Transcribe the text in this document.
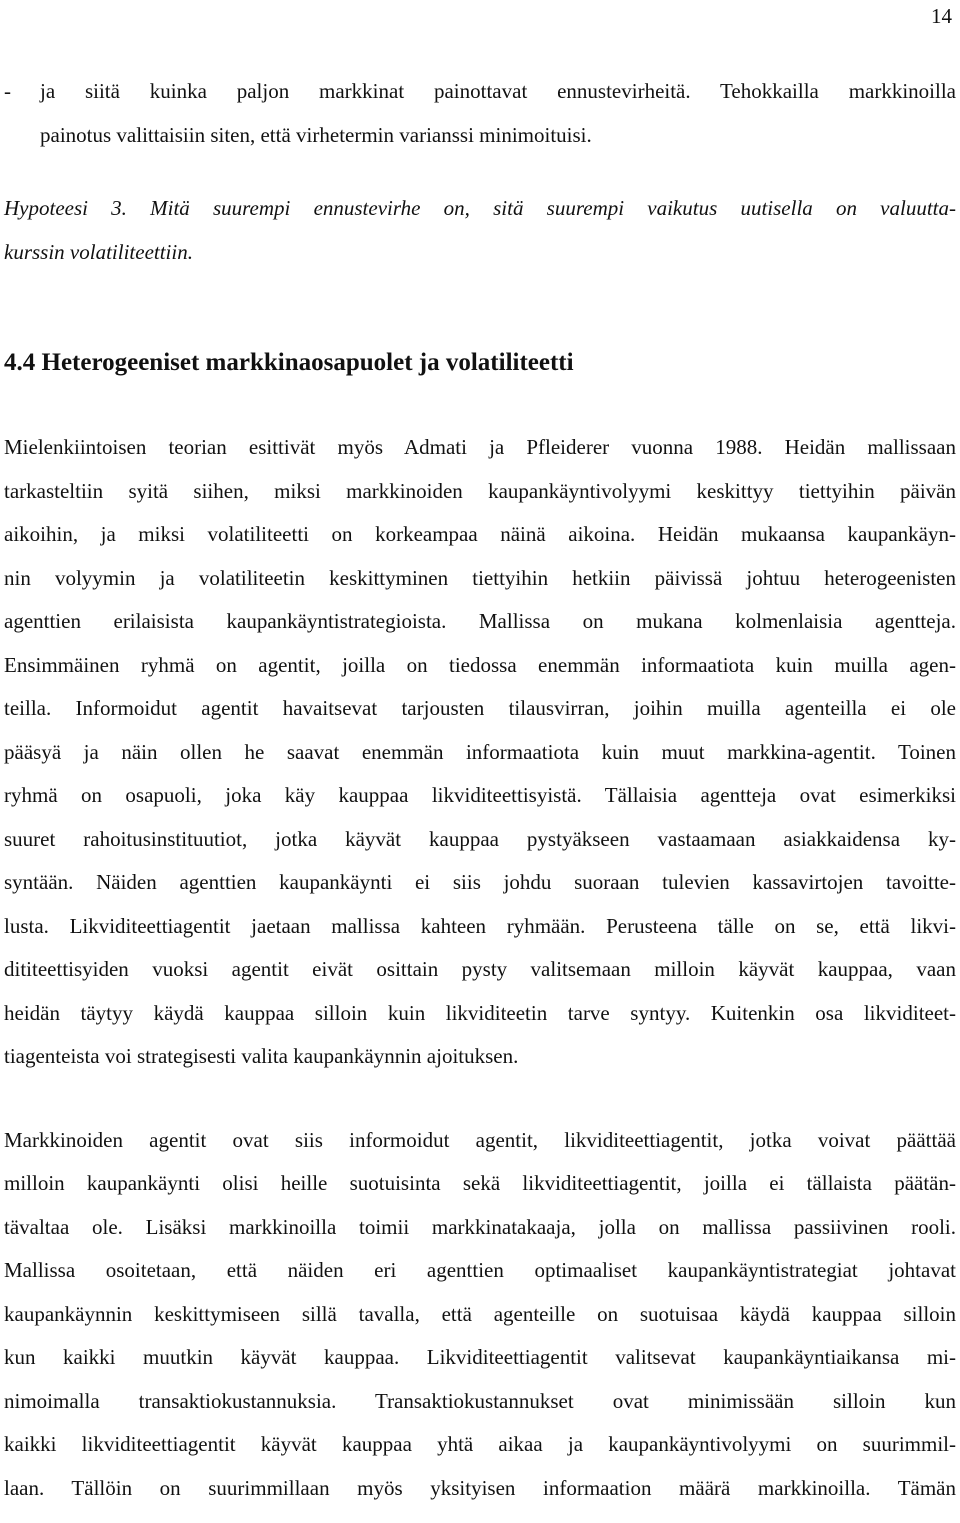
14
- ja siitä kuinka paljon markkinat painottavat ennustevirheitä. Tehokkailla markkinoilla
painotus valittaisiin siten, että virhetermin varianssi minimoituisi.
Hypoteesi 3. Mitä suurempi ennustevirhe on, sitä suurempi vaikutus uutisella on valuutta-
kurssin volatiliteettiin.
4.4 Heterogeeniset markkinaosapuolet ja volatiliteetti
Mielenkiintoisen teorian esittivät myös Admati ja Pfleiderer vuonna 1988. Heidän mallissaan
tarkasteltiin syitä siihen, miksi markkinoiden kaupankäyntivolyymi keskittyy tiettyihin päivän
aikoihin, ja miksi volatiliteetti on korkeampaa näinä aikoina. Heidän mukaansa kaupankäyn-
nin volyymin ja volatiliteetin keskittyminen tiettyihin hetkiin päivissä johtuu heterogeenisten
agenttien erilaisista kaupankäyntistrategioista. Mallissa on mukana kolmenlaisia agentteja.
Ensimmäinen ryhmä on agentit, joilla on tiedossa enemmän informaatiota kuin muilla agen-
teilla. Informoidut agentit havaitsevat tarjousten tilausvirran, joihin muilla agenteilla ei ole
pääsyä ja näin ollen he saavat enemmän informaatiota kuin muut markkina-agentit. Toinen
ryhmä on osapuoli, joka käy kauppaa likviditeettisyistä. Tällaisia agentteja ovat esimerkiksi
suuret rahoitusinstituutiot, jotka käyvät kauppaa pystyäkseen vastaamaan asiakkaidensa ky-
syntään. Näiden agenttien kaupankäynti ei siis johdu suoraan tulevien kassavirtojen tavoitte-
lusta. Likviditeettiagentit jaetaan mallissa kahteen ryhmään. Perusteena tälle on se, että likvi-
dititeettisyiden vuoksi agentit eivät osittain pysty valitsemaan milloin käyvät kauppaa, vaan
heidän täytyy käydä kauppaa silloin kuin likviditeetin tarve syntyy. Kuitenkin osa likviditeet-
tiagenteista voi strategisesti valita kaupankäynnin ajoituksen.
Markkinoiden agentit ovat siis informoidut agentit, likviditeettiagentit, jotka voivat päättää
milloin kaupankäynti olisi heille suotuisinta sekä likviditeettiagentit, joilla ei tällaista päätän-
tävaltaa ole. Lisäksi markkinoilla toimii markkinatakaaja, jolla on mallissa passiivinen rooli.
Mallissa osoitetaan, että näiden eri agenttien optimaaliset kaupankäyntistrategiat johtavat
kaupankäynnin keskittymiseen sillä tavalla, että agenteille on suotuisaa käydä kauppaa silloin
kun kaikki muutkin käyvät kauppaa. Likviditeettiagentit valitsevat kaupankäyntiaikansa mi-
nimoimalla transaktiokustannuksia. Transaktiokustannukset ovat minimissään silloin kun
kaikki likviditeettiagentit käyvät kauppaa yhtä aikaa ja kaupankäyntivolyymi on suurimmil-
laan. Tällöin on suurimmillaan myös yksityisen informaation määrä markkinoilla. Tämän
